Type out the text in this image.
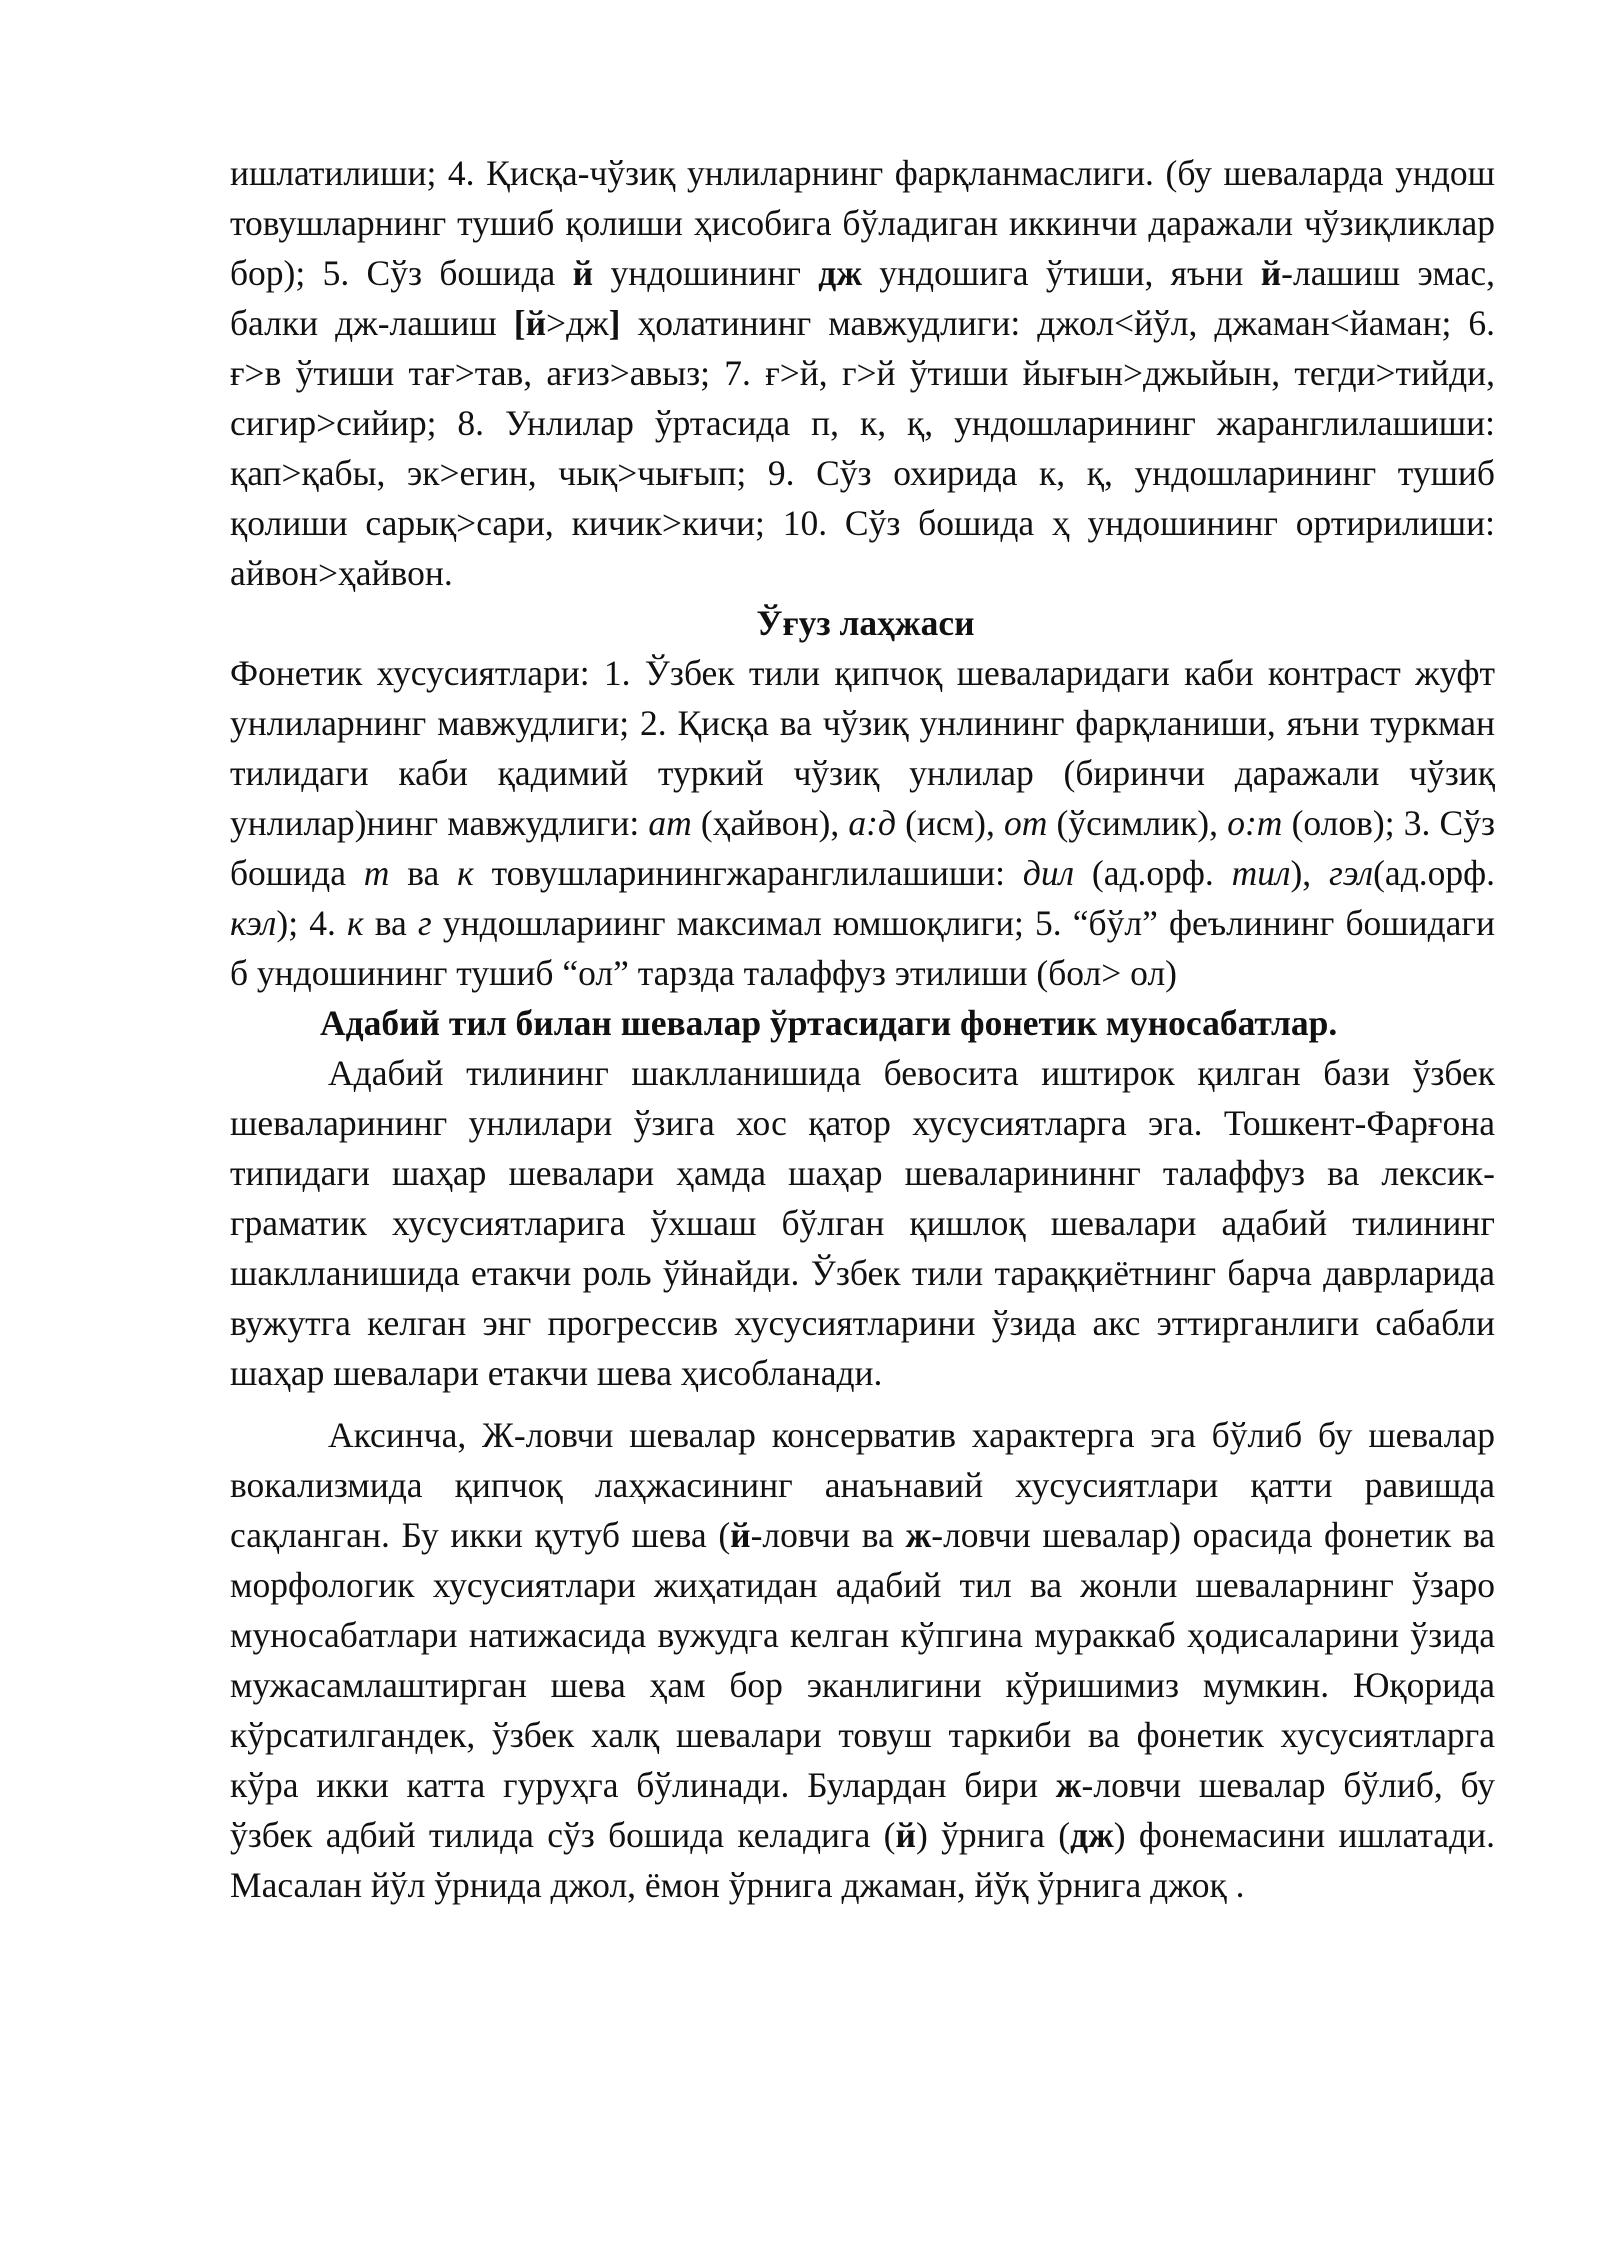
ишлатилиши; 4. Қисқа-чўзиқ унлиларнинг фарқланмаслиги. (бу шеваларда ундош товушларнинг тушиб қолиши ҳисобига бўладиган иккинчи даражали чўзиқликлар бор); 5. Сўз бошида й ундошининг дж ундошига ўтиши, яъни й-лашиш эмас, балки дж-лашиш [й>дж] ҳолатининг мавжудлиги: джол<йўл, джаман<йаман; 6. ғ>в ўтиши тағ>тав, ағиз>авыз; 7. ғ>й, г>й ўтиши йығын>джыйын, тегди>тийди, сигир>сийир; 8. Унлилар ўртасида п, к, қ, ундошларининг жаранглилашиши: қап>қабы, эк>егин, чық>чығып; 9. Сўз охирида к, қ, ундошларининг тушиб қолиши сарық>сари, кичик>кичи; 10. Сўз бошида ҳ ундошининг ортирилиши: айвон>ҳайвон.

Ўғуз лаҳжаси

Фонетик хусусиятлари: 1. Ўзбек тили қипчоқ шеваларидаги каби контраст жуфт унлиларнинг мавжудлиги; 2. Қисқа ва чўзиқ унлининг фарқланиши, яъни туркман тилидаги каби қадимий туркий чўзиқ унлилар (биринчи даражали чўзиқ унлилар)нинг мавжудлиги: ат (ҳайвон), а:д (исм), от (ўсимлик), о:т (олов); 3. Сўз бошида т ва к товушларинингжаранглилашиши: дил (ад.орф. тил), гэл(ад.орф. кэл); 4. к ва г ундошлариинг максимал юмшоқлиги; 5. “бўл” феълининг бошидаги б ундошининг тушиб “ол” тарзда талаффуз этилиши (бол> ол)

Адабий тил билан шевалар ўртасидаги фонетик муносабатлар.

Адабий тилининг шаклланишида бевосита иштирок қилган бази ўзбек шеваларининг унлилари ўзига хос қатор хусусиятларга эга. Тошкент-Фарғона типидаги шаҳар шевалари ҳамда шаҳар шеваларининнг талаффуз ва лексик-граматик хусусиятларига ўхшаш бўлган қишлоқ шевалари адабий тилининг шаклланишида етакчи роль ўйнайди. Ўзбек тили тараққиётнинг барча даврларида вужутга келган энг прогрессив хусусиятларини ўзида акс эттирганлиги сабабли шаҳар шевалари етакчи шева ҳисобланади.

Аксинча, Ж-ловчи шевалар консерватив характерга эга бўлиб бу шевалар вокализмида қипчоқ лаҳжасининг анаънавий хусусиятлари қатти равишда сақланган. Бу икки қутуб шева (й-ловчи ва ж-ловчи шевалар) орасида фонетик ва морфологик хусусиятлари жиҳатидан адабий тил ва жонли шеваларнинг ўзаро муносабатлари натижасида вужудга келган кўпгина мураккаб ҳодисаларини ўзида мужасамлаштирган шева ҳам бор эканлигини кўришимиз мумкин. Юқорида кўрсатилгандек, ўзбек халқ шевалари товуш таркиби ва фонетик хусусиятларга кўра икки катта гуруҳга бўлинади. Булардан бири ж-ловчи шевалар бўлиб, бу ўзбек адбий тилида сўз бошида келадига (й) ўрнига (дж) фонемасини ишлатади. Масалан йўл ўрнида джол, ёмон ўрнига джаман, йўқ ўрнига джоқ .
